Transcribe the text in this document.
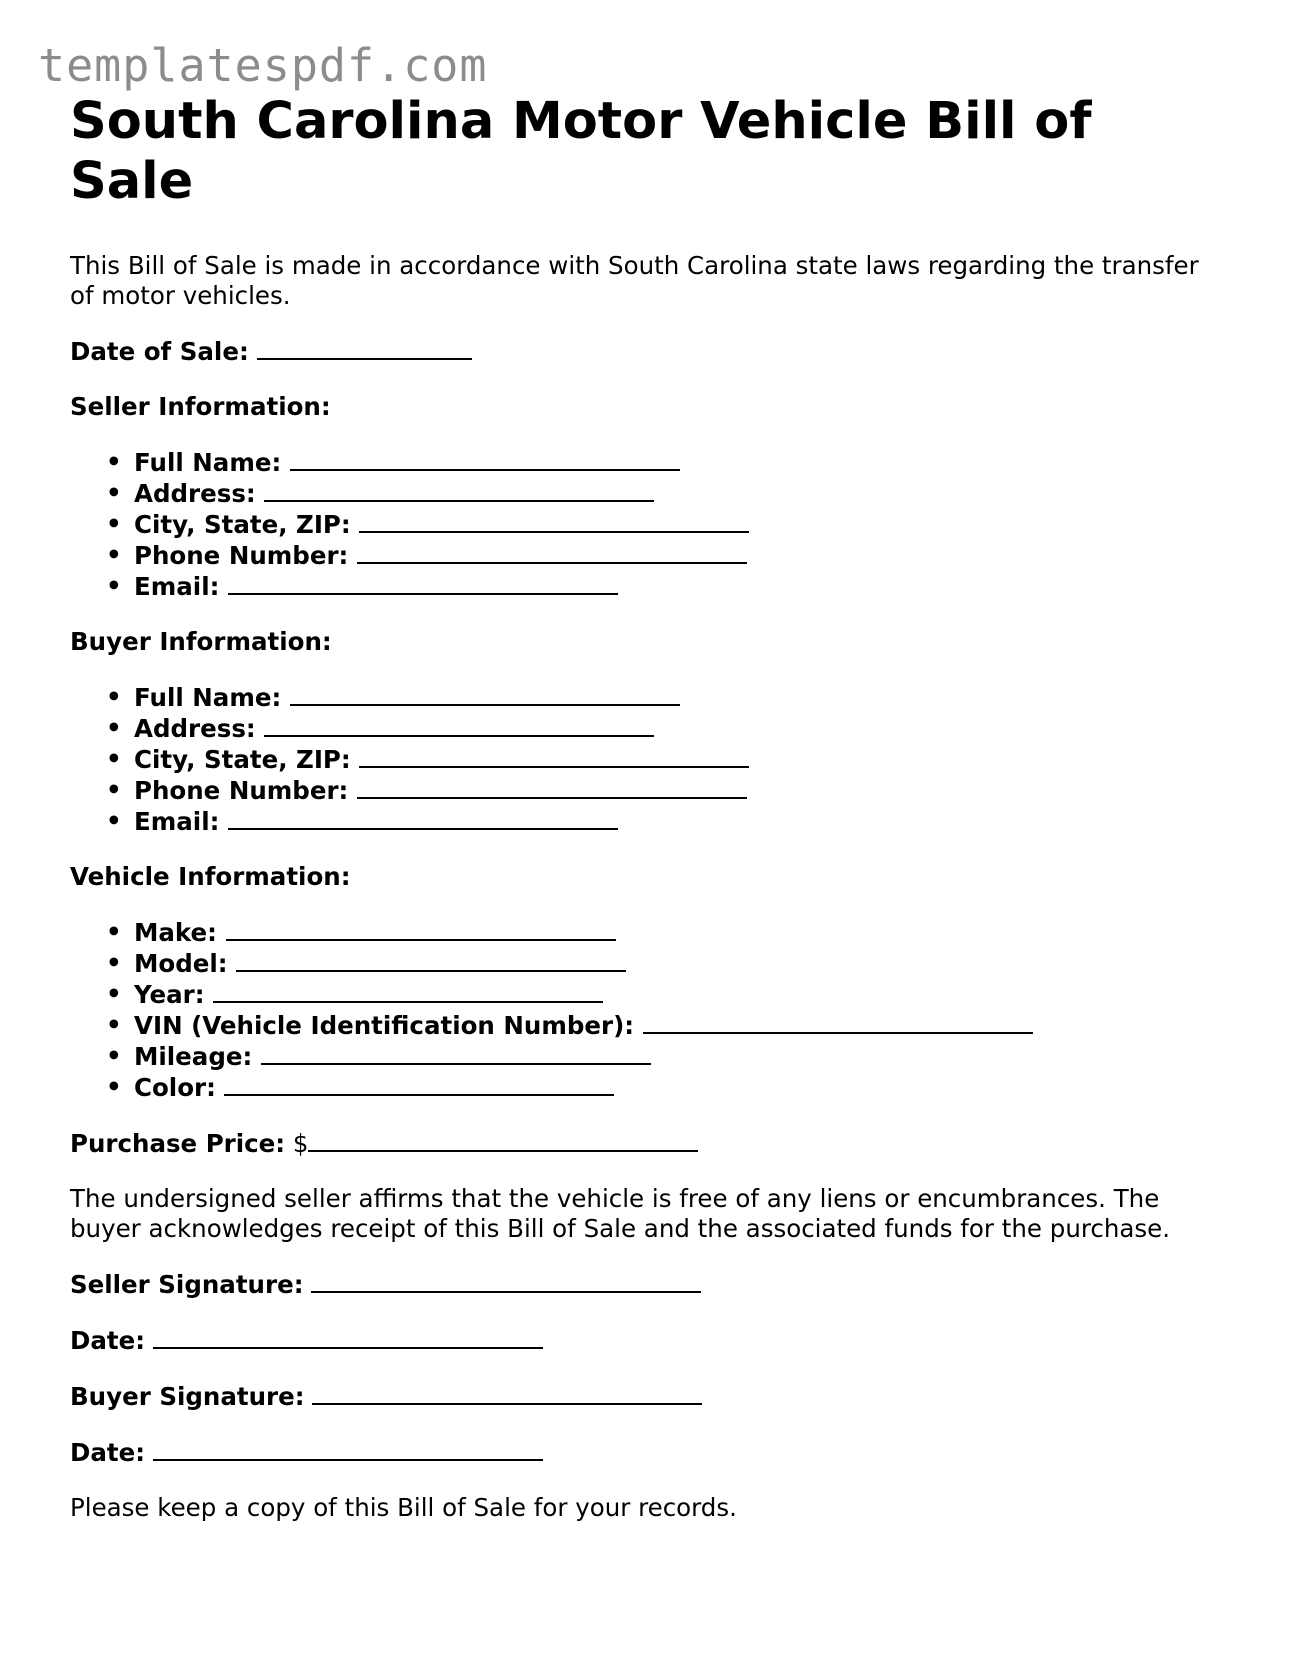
templatespdf.com
South Carolina Motor Vehicle Bill of Sale

This Bill of Sale is made in accordance with South Carolina state laws regarding the transfer of motor vehicles.

Date of Sale:

Seller Information:

• Full Name:
• Address:
• City, State, ZIP:
• Phone Number:
• Email:

Buyer Information:

• Full Name:
• Address:
• City, State, ZIP:
• Phone Number:
• Email:

Vehicle Information:

• Make:
• Model:
• Year:
• VIN (Vehicle Identification Number):
• Mileage:
• Color:

Purchase Price: $

The undersigned seller affirms that the vehicle is free of any liens or encumbrances. The buyer acknowledges receipt of this Bill of Sale and the associated funds for the purchase.

Seller Signature:

Date:

Buyer Signature:

Date:

Please keep a copy of this Bill of Sale for your records.
